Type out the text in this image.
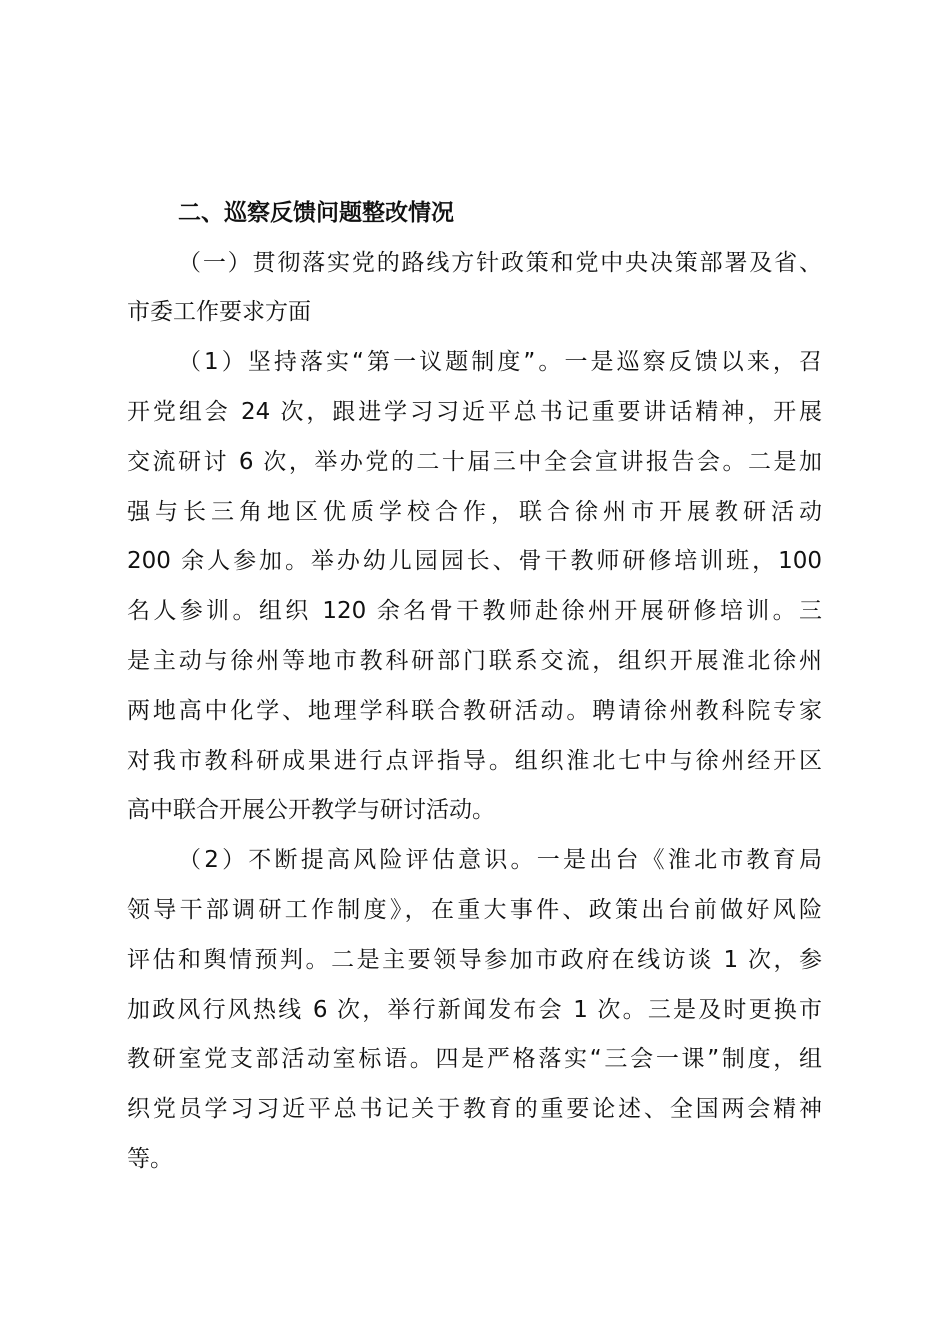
二、巡察反馈问题整改情况
（一）贯彻落实党的路线方针政策和党中央决策部署及省、
市委工作要求方面
（1）坚持落实“第一议题制度”。一是巡察反馈以来，召
开党组会 24 次，跟进学习习近平总书记重要讲话精神，开展
交流研讨 6 次，举办党的二十届三中全会宣讲报告会。二是加
强与长三角地区优质学校合作，联合徐州市开展教研活动
200 余人参加。举办幼儿园园长、骨干教师研修培训班，100
名人参训。组织 120 余名骨干教师赴徐州开展研修培训。三
是主动与徐州等地市教科研部门联系交流，组织开展淮北徐州
两地高中化学、地理学科联合教研活动。聘请徐州教科院专家
对我市教科研成果进行点评指导。组织淮北七中与徐州经开区
高中联合开展公开教学与研讨活动。
（2）不断提高风险评估意识。一是出台《淮北市教育局
领导干部调研工作制度》，在重大事件、政策出台前做好风险
评估和舆情预判。二是主要领导参加市政府在线访谈 1 次，参
加政风行风热线 6 次，举行新闻发布会 1 次。三是及时更换市
教研室党支部活动室标语。四是严格落实“三会一课”制度，组
织党员学习习近平总书记关于教育的重要论述、全国两会精神
等。
